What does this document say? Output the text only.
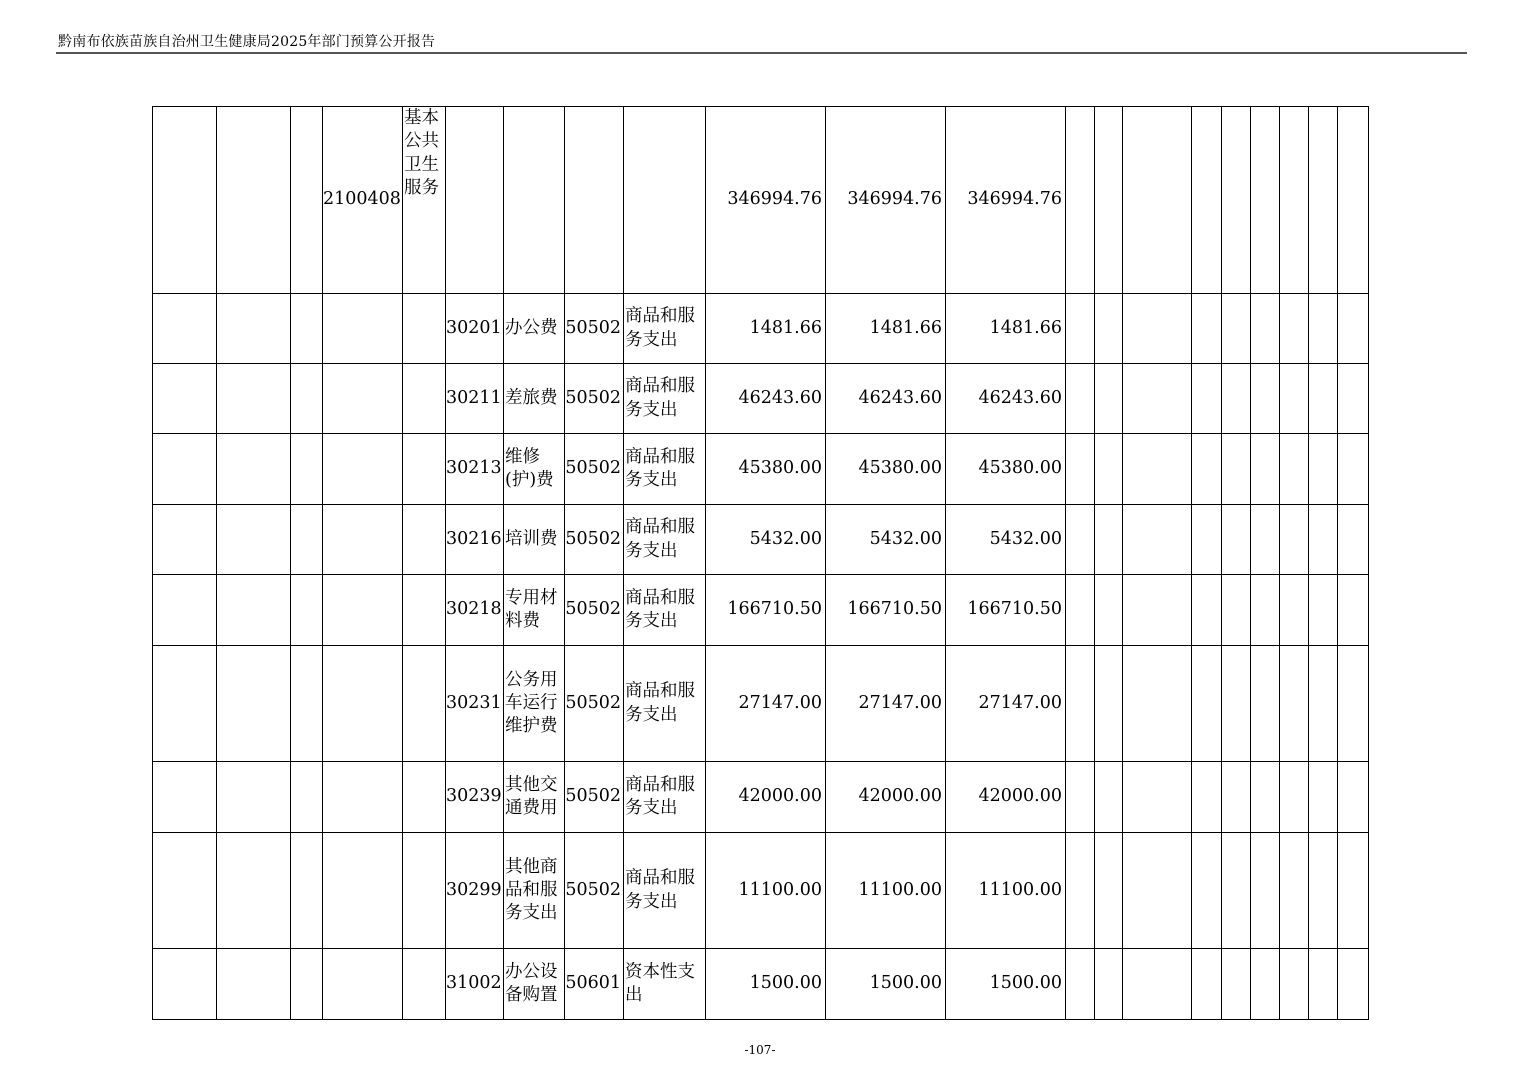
黔南布依族苗族自治州卫生健康局2025年部门预算公开报告
			2100408	基本公共卫生服务					346994.76	346994.76	346994.76									
					30201	办公费	50502	商品和服务支出	1481.66	1481.66	1481.66									
					30211	差旅费	50502	商品和服务支出	46243.60	46243.60	46243.60									
					30213	维修(护)费	50502	商品和服务支出	45380.00	45380.00	45380.00									
					30216	培训费	50502	商品和服务支出	5432.00	5432.00	5432.00									
					30218	专用材料费	50502	商品和服务支出	166710.50	166710.50	166710.50									
					30231	公务用车运行维护费	50502	商品和服务支出	27147.00	27147.00	27147.00									
					30239	其他交通费用	50502	商品和服务支出	42000.00	42000.00	42000.00									
					30299	其他商品和服务支出	50502	商品和服务支出	11100.00	11100.00	11100.00									
					31002	办公设备购置	50601	资本性支出	1500.00	1500.00	1500.00									
-107-
